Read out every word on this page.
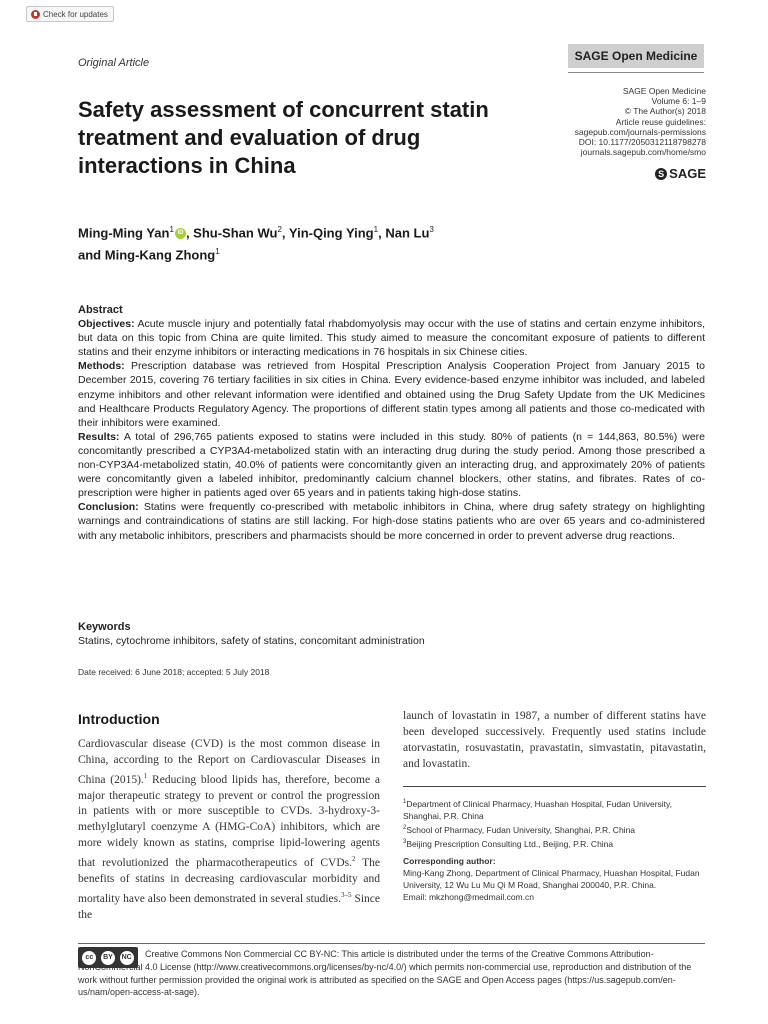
Check for updates
SAGE Open Medicine
Original Article
Safety assessment of concurrent statin treatment and evaluation of drug interactions in China
SAGE Open Medicine
Volume 6: 1–9
© The Author(s) 2018
Article reuse guidelines:
sagepub.com/journals-permissions
DOI: 10.1177/2050312118798278
journals.sagepub.com/home/smo
S SAGE
Ming-Ming Yan$^1$ iD , Shu-Shan Wu$^2$, Yin-Qing Ying$^1$, Nan Lu$^3$
and Ming-Kang Zhong$^1$
Abstract

Objectives: Acute muscle injury and potentially fatal rhabdomyolysis may occur with the use of statins and certain enzyme inhibitors, but data on this topic from China are quite limited. This study aimed to measure the concomitant exposure of patients to different statins and their enzyme inhibitors or interacting medications in 76 hospitals in six Chinese cities.

Methods: Prescription database was retrieved from Hospital Prescription Analysis Cooperation Project from January 2015 to December 2015, covering 76 tertiary facilities in six cities in China. Every evidence-based enzyme inhibitor was included, and labeled enzyme inhibitors and other relevant information were identified and obtained using the Drug Safety Update from the UK Medicines and Healthcare Products Regulatory Agency. The proportions of different statin types among all patients and those co-medicated with their inhibitors were examined.

Results: A total of 296,765 patients exposed to statins were included in this study. 80% of patients (n = 144,863, 80.5%) were concomitantly prescribed a CYP3A4-metabolized statin with an interacting drug during the study period. Among those prescribed a non-CYP3A4-metabolized statin, 40.0% of patients were concomitantly given an interacting drug, and approximately 20% of patients were concomitantly given a labeled inhibitor, predominantly calcium channel blockers, other statins, and fibrates. Rates of co-prescription were higher in patients aged over 65 years and in patients taking high-dose statins.

Conclusion: Statins were frequently co-prescribed with metabolic inhibitors in China, where drug safety strategy on highlighting warnings and contraindications of statins are still lacking. For high-dose statins patients who are over 65 years and co-administered with any metabolic inhibitors, prescribers and pharmacists should be more concerned in order to prevent adverse drug reactions.

Keywords
Statins, cytochrome inhibitors, safety of statins, concomitant administration
Date received: 6 June 2018; accepted: 5 July 2018
Introduction
Cardiovascular disease (CVD) is the most common disease in China, according to the Report on Cardiovascular Diseases in China (2015).$^1$ Reducing blood lipids has, therefore, become a major therapeutic strategy to prevent or control the progression in patients with or more susceptible to CVDs. 3-hydroxy-3-methylglutaryl coenzyme A (HMG-CoA) inhibitors, which are more widely known as statins, comprise lipid-lowering agents that revolutionized the pharmacotherapeutics of CVDs.$^2$ The benefits of statins in decreasing cardiovascular morbidity and mortality have also been demonstrated in several studies.$^{3-5}$ Since the
launch of lovastatin in 1987, a number of different statins have been developed successively. Frequently used statins include atorvastatin, rosuvastatin, pravastatin, simvastatin, pitavastatin, and lovastatin.

$^1$Department of Clinical Pharmacy, Huashan Hospital, Fudan University, Shanghai, P.R. China

$^2$School of Pharmacy, Fudan University, Shanghai, P.R. China

$^3$Beijing Prescription Consulting Ltd., Beijing, P.R. China

Corresponding author:

Ming-Kang Zhong, Department of Clinical Pharmacy, Huashan Hospital, Fudan University, 12 Wu Lu Mu Qi M Road, Shanghai 200040, P.R. China.

Email: mkzhong@medmail.com.cn

cc	BY	NC	Creative Commons Non Commercial CC BY-NC: This article is distributed under the terms of the Creative Commons Attribution-NonCommercial 4.0 License (http://www.creativecommons.org/licenses/by-nc/4.0/) which permits non-commercial use, reproduction and distribution of the work without further permission provided the original work is attributed as specified on the SAGE and Open Access pages (https://us.sagepub.com/en-us/nam/open-access-at-sage).
